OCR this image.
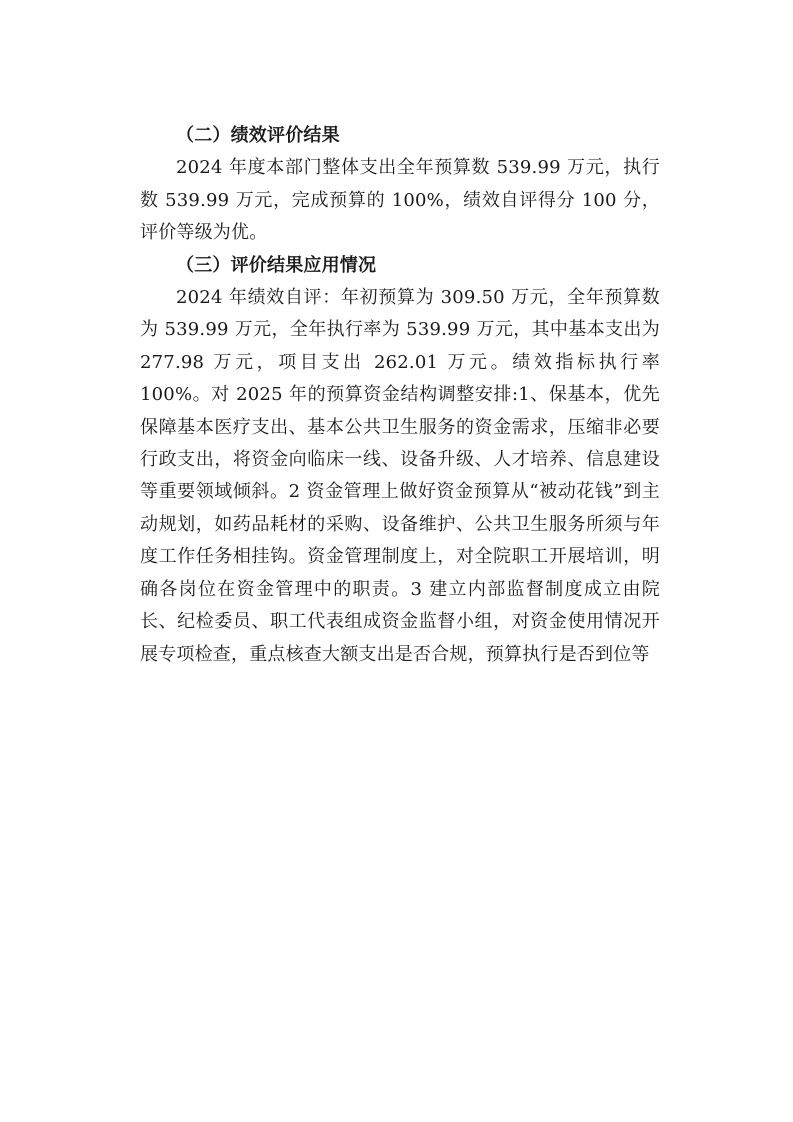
（二）绩效评价结果

2024 年度本部门整体支出全年预算数 539.99 万元，执行数 539.99 万元，完成预算的 100%，绩效自评得分 100 分，评价等级为优。

（三）评价结果应用情况

2024 年绩效自评：年初预算为 309.50 万元，全年预算数为 539.99 万元，全年执行率为 539.99 万元，其中基本支出为 277.98 万元，项目支出 262.01 万元。绩效指标执行率 100%。对 2025 年的预算资金结构调整安排:1、保基本，优先保障基本医疗支出、基本公共卫生服务的资金需求，压缩非必要行政支出，将资金向临床一线、设备升级、人才培养、信息建设等重要领域倾斜。2 资金管理上做好资金预算从“被动花钱”到主动规划，如药品耗材的采购、设备维护、公共卫生服务所须与年度工作任务相挂钩。资金管理制度上，对全院职工开展培训，明确各岗位在资金管理中的职责。3 建立内部监督制度成立由院长、纪检委员、职工代表组成资金监督小组，对资金使用情况开展专项检查，重点核查大额支出是否合规，预算执行是否到位等
